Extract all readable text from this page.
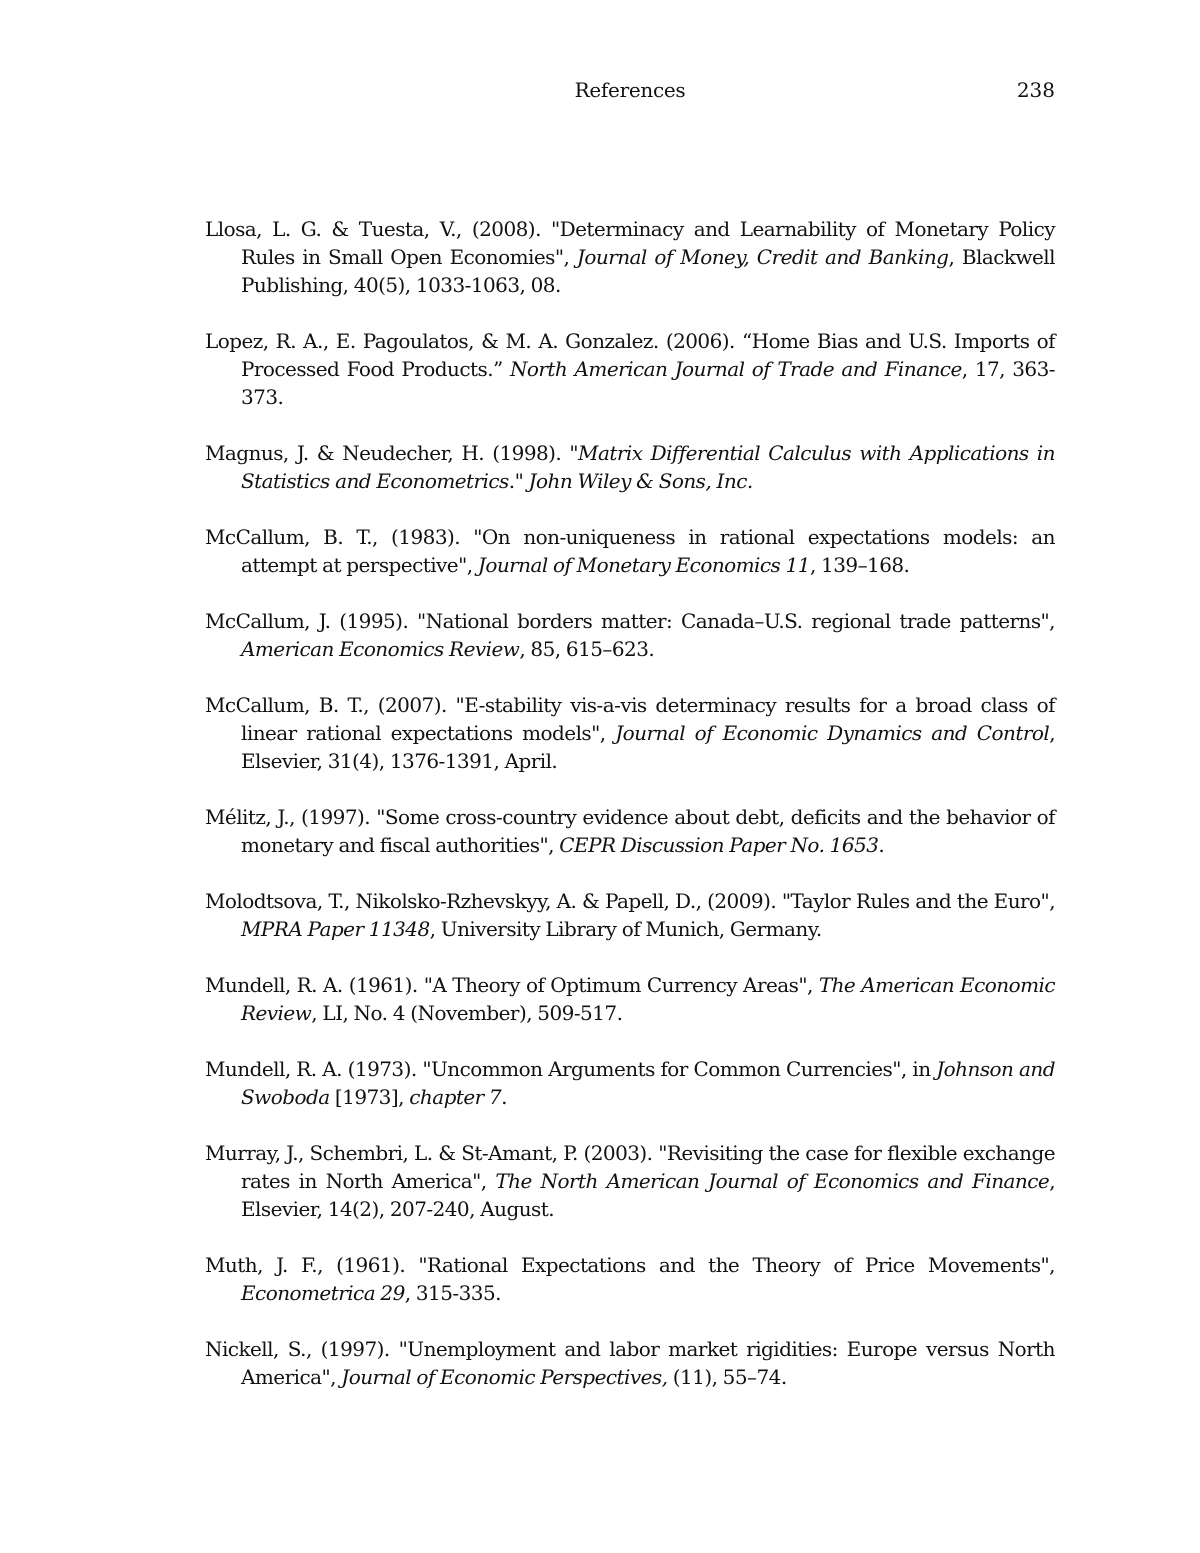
References	238

Llosa, L. G. & Tuesta, V., (2008). "Determinacy and Learnability of Monetary Policy Rules in Small Open Economies", Journal of Money, Credit and Banking, Blackwell Publishing, 40(5), 1033-1063, 08.

Lopez, R. A., E. Pagoulatos, & M. A. Gonzalez. (2006). “Home Bias and U.S. Imports of Processed Food Products.” North American Journal of Trade and Finance, 17, 363-373.

Magnus, J. & Neudecher, H. (1998). "Matrix Differential Calculus with Applications in Statistics and Econometrics." John Wiley & Sons, Inc.

McCallum, B. T., (1983). "On non-uniqueness in rational expectations models: an attempt at perspective", Journal of Monetary Economics 11, 139–168.

McCallum, J. (1995). "National borders matter: Canada–U.S. regional trade patterns", American Economics Review, 85, 615–623.

McCallum, B. T., (2007). "E-stability vis-a-vis determinacy results for a broad class of linear rational expectations models", Journal of Economic Dynamics and Control, Elsevier, 31(4), 1376-1391, April.

Mélitz, J., (1997). "Some cross-country evidence about debt, deficits and the behavior of monetary and fiscal authorities", CEPR Discussion Paper No. 1653.

Molodtsova, T., Nikolsko-Rzhevskyy, A. & Papell, D., (2009). "Taylor Rules and the Euro", MPRA Paper 11348, University Library of Munich, Germany.

Mundell, R. A. (1961). "A Theory of Optimum Currency Areas", The American Economic Review, LI, No. 4 (November), 509-517.

Mundell, R. A. (1973). "Uncommon Arguments for Common Currencies", in Johnson and Swoboda [1973], chapter 7.

Murray, J., Schembri, L. & St-Amant, P. (2003). "Revisiting the case for flexible exchange rates in North America", The North American Journal of Economics and Finance, Elsevier, 14(2), 207-240, August.

Muth, J. F., (1961). "Rational Expectations and the Theory of Price Movements", Econometrica 29, 315-335.

Nickell, S., (1997). "Unemployment and labor market rigidities: Europe versus North America", Journal of Economic Perspectives, (11), 55–74.
